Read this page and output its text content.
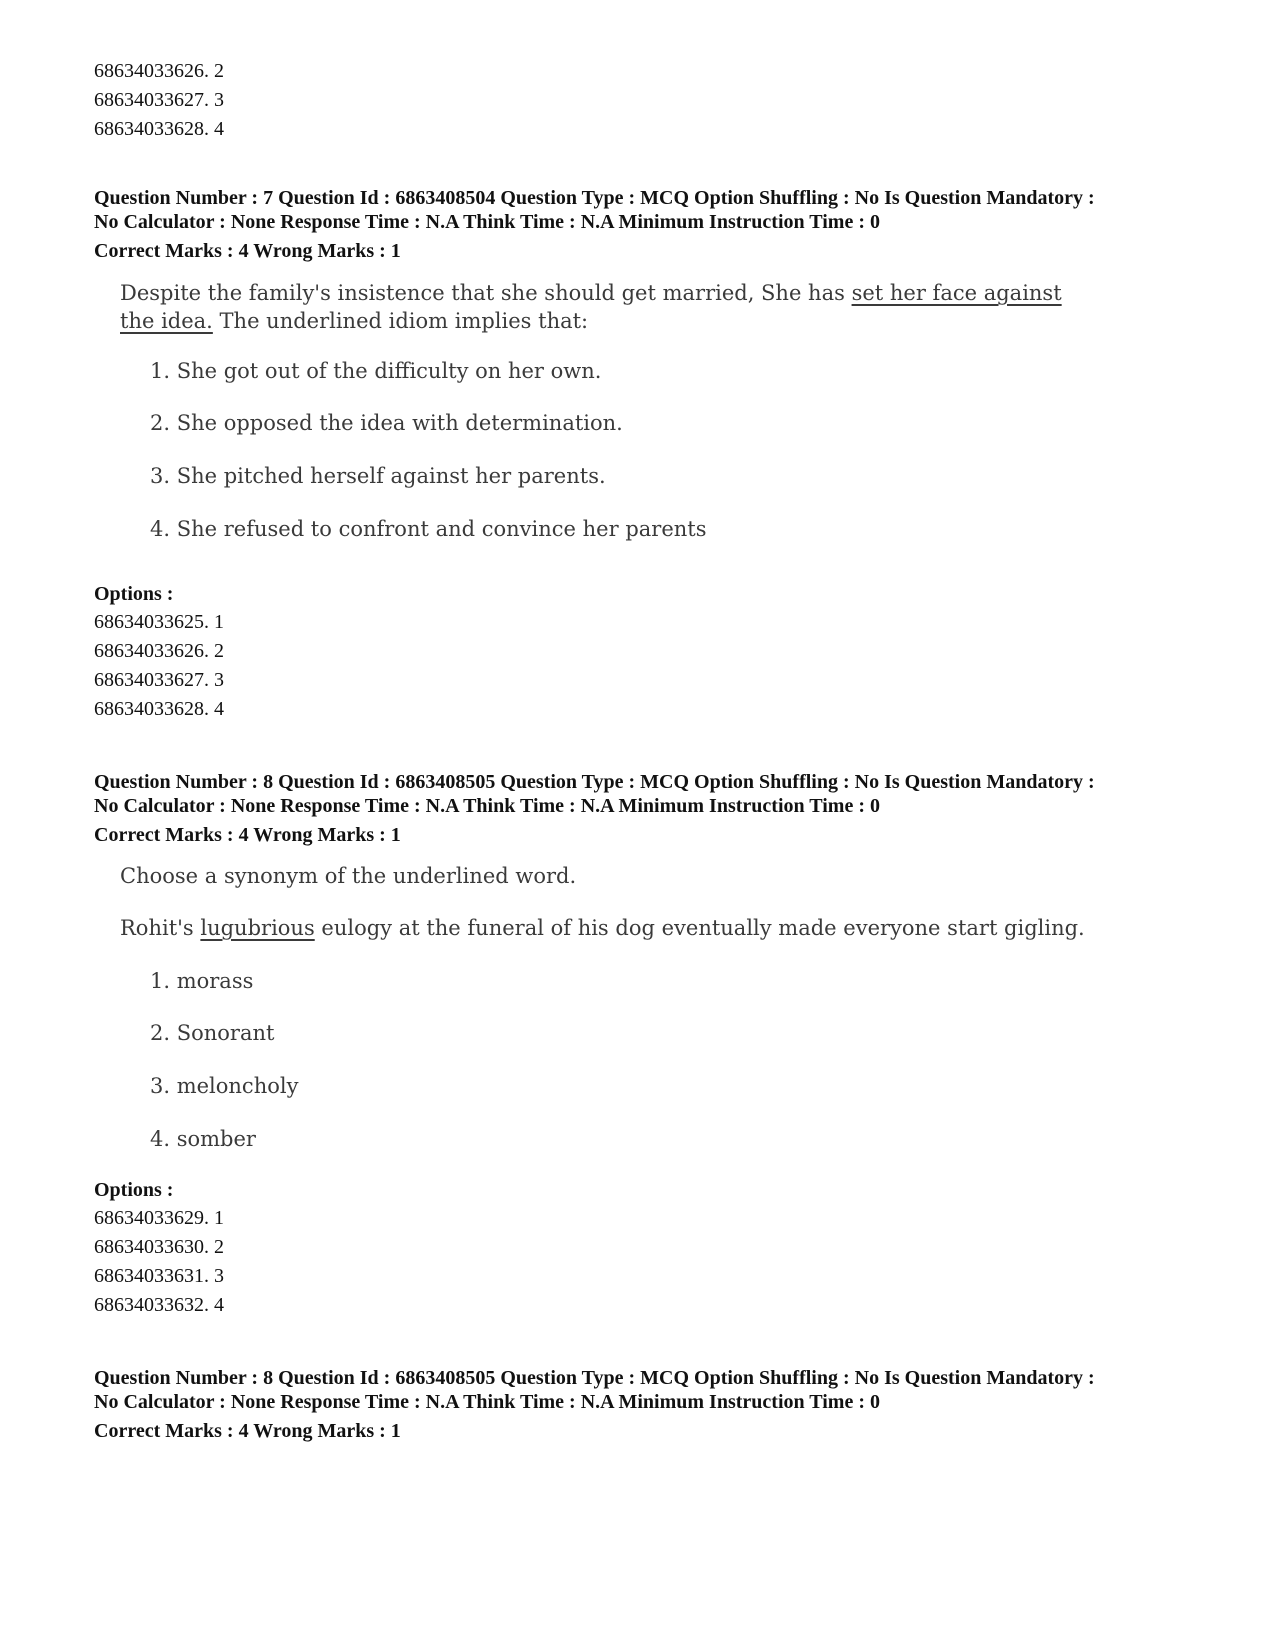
68634033626. 2
68634033627. 3
68634033628. 4
Question Number : 7 Question Id : 6863408504 Question Type : MCQ Option Shuffling : No Is Question Mandatory :
No Calculator : None Response Time : N.A Think Time : N.A Minimum Instruction Time : 0
Correct Marks : 4 Wrong Marks : 1
Despite the family's insistence that she should get married, She has set her face against the idea. The underlined idiom implies that:
1. She got out of the difficulty on her own.
2. She opposed the idea with determination.
3. She pitched herself against her parents.
4. She refused to confront and convince her parents
Options :
68634033625. 1
68634033626. 2
68634033627. 3
68634033628. 4
Question Number : 8 Question Id : 6863408505 Question Type : MCQ Option Shuffling : No Is Question Mandatory :
No Calculator : None Response Time : N.A Think Time : N.A Minimum Instruction Time : 0
Correct Marks : 4 Wrong Marks : 1
Choose a synonym of the underlined word.
Rohit's lugubrious eulogy at the funeral of his dog eventually made everyone start gigling.
1. morass
2. Sonorant
3. meloncholy
4. somber
Options :
68634033629. 1
68634033630. 2
68634033631. 3
68634033632. 4
Question Number : 8 Question Id : 6863408505 Question Type : MCQ Option Shuffling : No Is Question Mandatory :
No Calculator : None Response Time : N.A Think Time : N.A Minimum Instruction Time : 0
Correct Marks : 4 Wrong Marks : 1
